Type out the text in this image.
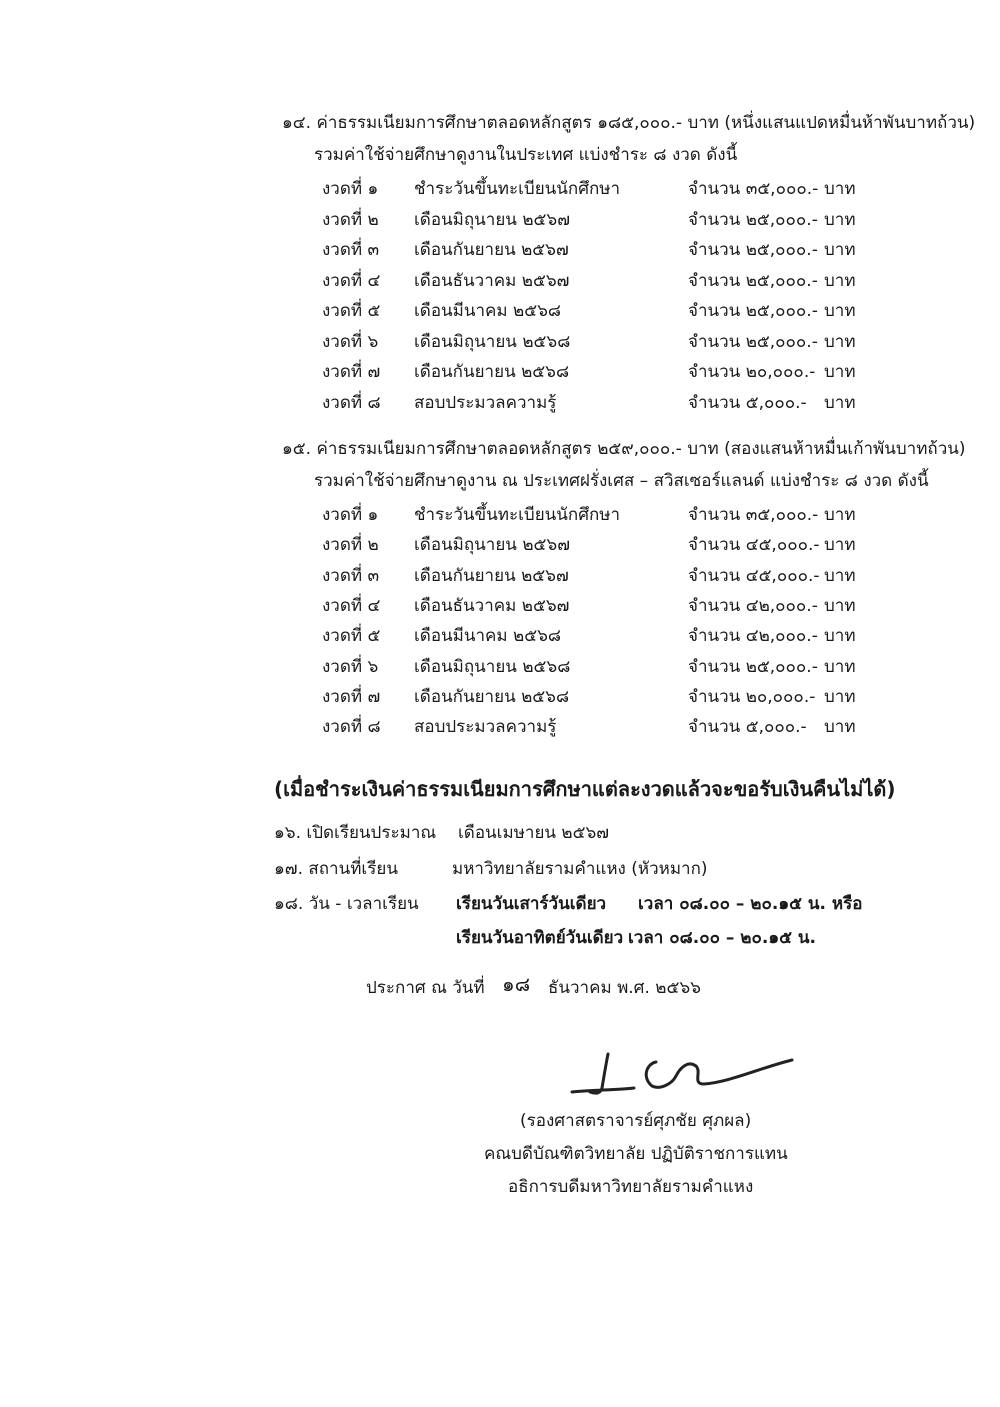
๑๔. ค่าธรรมเนียมการศึกษาตลอดหลักสูตร ๑๘๕,๐๐๐.- บาท (หนึ่งแสนแปดหมื่นห้าพันบาทถ้วน)
รวมค่าใช้จ่ายศึกษาดูงานในประเทศ แบ่งชำระ ๘ งวด ดังนี้
งวดที่ ๑ ชำระวันขึ้นทะเบียนนักศึกษา	จำนวน ๓๕,๐๐๐.- บาท
งวดที่ ๒ เดือนมิถุนายน ๒๕๖๗	จำนวน ๒๕,๐๐๐.- บาท
งวดที่ ๓ เดือนกันยายน ๒๕๖๗	จำนวน ๒๕,๐๐๐.- บาท
งวดที่ ๔ เดือนธันวาคม ๒๕๖๗	จำนวน ๒๕,๐๐๐.- บาท
งวดที่ ๕ เดือนมีนาคม ๒๕๖๘	จำนวน ๒๕,๐๐๐.- บาท
งวดที่ ๖ เดือนมิถุนายน ๒๕๖๘	จำนวน ๒๕,๐๐๐.- บาท
งวดที่ ๗ เดือนกันยายน ๒๕๖๘	จำนวน ๒๐,๐๐๐.- บาท
งวดที่ ๘ สอบประมวลความรู้	จำนวน ๕,๐๐๐.- บาท
๑๕. ค่าธรรมเนียมการศึกษาตลอดหลักสูตร ๒๕๙,๐๐๐.- บาท (สองแสนห้าหมื่นเก้าพันบาทถ้วน)
รวมค่าใช้จ่ายศึกษาดูงาน ณ ประเทศฝรั่งเศส – สวิสเซอร์แลนด์ แบ่งชำระ ๘ งวด ดังนี้
งวดที่ ๑ ชำระวันขึ้นทะเบียนนักศึกษา	จำนวน ๓๕,๐๐๐.- บาท
งวดที่ ๒ เดือนมิถุนายน ๒๕๖๗	จำนวน ๔๕,๐๐๐.- บาท
งวดที่ ๓ เดือนกันยายน ๒๕๖๗	จำนวน ๔๕,๐๐๐.- บาท
งวดที่ ๔ เดือนธันวาคม ๒๕๖๗	จำนวน ๔๒,๐๐๐.- บาท
งวดที่ ๕ เดือนมีนาคม ๒๕๖๘	จำนวน ๔๒,๐๐๐.- บาท
งวดที่ ๖ เดือนมิถุนายน ๒๕๖๘	จำนวน ๒๕,๐๐๐.- บาท
งวดที่ ๗ เดือนกันยายน ๒๕๖๘	จำนวน ๒๐,๐๐๐.- บาท
งวดที่ ๘ สอบประมวลความรู้	จำนวน ๕,๐๐๐.- บาท
(เมื่อชำระเงินค่าธรรมเนียมการศึกษาแต่ละงวดแล้วจะขอรับเงินคืนไม่ได้)
๑๖. เปิดเรียนประมาณ เดือนเมษายน ๒๕๖๗
๑๗. สถานที่เรียน	มหาวิทยาลัยรามคำแหง (หัวหมาก)
๑๘. วัน - เวลาเรียน เรียนวันเสาร์วันเดียว เวลา ๐๘.๐๐ – ๒๐.๑๕ น. หรือ
เรียนวันอาทิตย์วันเดียว เวลา ๐๘.๐๐ – ๒๐.๑๕ น.
ประกาศ ณ วันที่ ๑๘ ธันวาคม พ.ศ. ๒๕๖๖
(รองศาสตราจารย์ศุภชัย ศุภผล)
คณบดีบัณฑิตวิทยาลัย ปฏิบัติราชการแทน
อธิการบดีมหาวิทยาลัยรามคำแหง
